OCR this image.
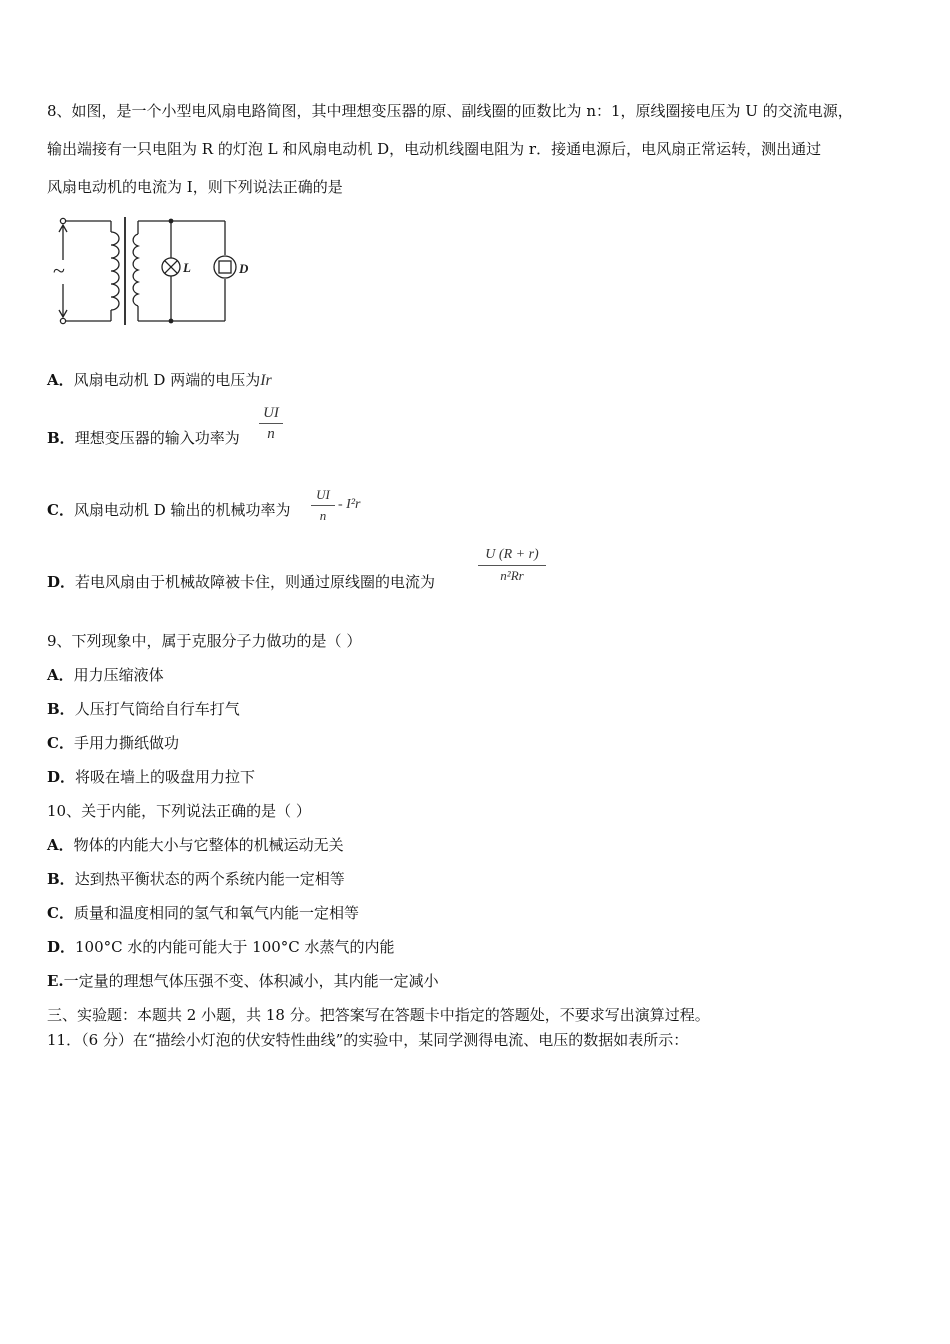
8、如图，是一个小型电风扇电路简图，其中理想变压器的原、副线圈的匝数比为 n：1，原线圈接电压为 U 的交流电源，
输出端接有一只电阻为 R 的灯泡 L 和风扇电动机 D，电动机线圈电阻为 r．接通电源后，电风扇正常运转，测出通过
风扇电动机的电流为 I，则下列说法正确的是
~	L	D
A．风扇电动机 D 两端的电压为Ir
B．理想变压器的输入功率为
UI
n
C．风扇电动机 D 输出的机械功率为
UI
n
- I²r
D．若电风扇由于机械故障被卡住，则通过原线圈的电流为
U (R + r)
n²Rr
9、下列现象中，属于克服分子力做功的是（ ）
A．用力压缩液体
B．人压打气筒给自行车打气
C．手用力撕纸做功
D．将吸在墙上的吸盘用力拉下
10、关于内能，下列说法正确的是（ ）
A．物体的内能大小与它整体的机械运动无关
B．达到热平衡状态的两个系统内能一定相等
C．质量和温度相同的氢气和氧气内能一定相等
D．100°C 水的内能可能大于 100°C 水蒸气的内能
E.一定量的理想气体压强不变、体积减小，其内能一定减小
三、实验题：本题共 2 小题，共 18 分。把答案写在答题卡中指定的答题处，不要求写出演算过程。
11．（6 分）在“描绘小灯泡的伏安特性曲线”的实验中，某同学测得电流、电压的数据如表所示：
